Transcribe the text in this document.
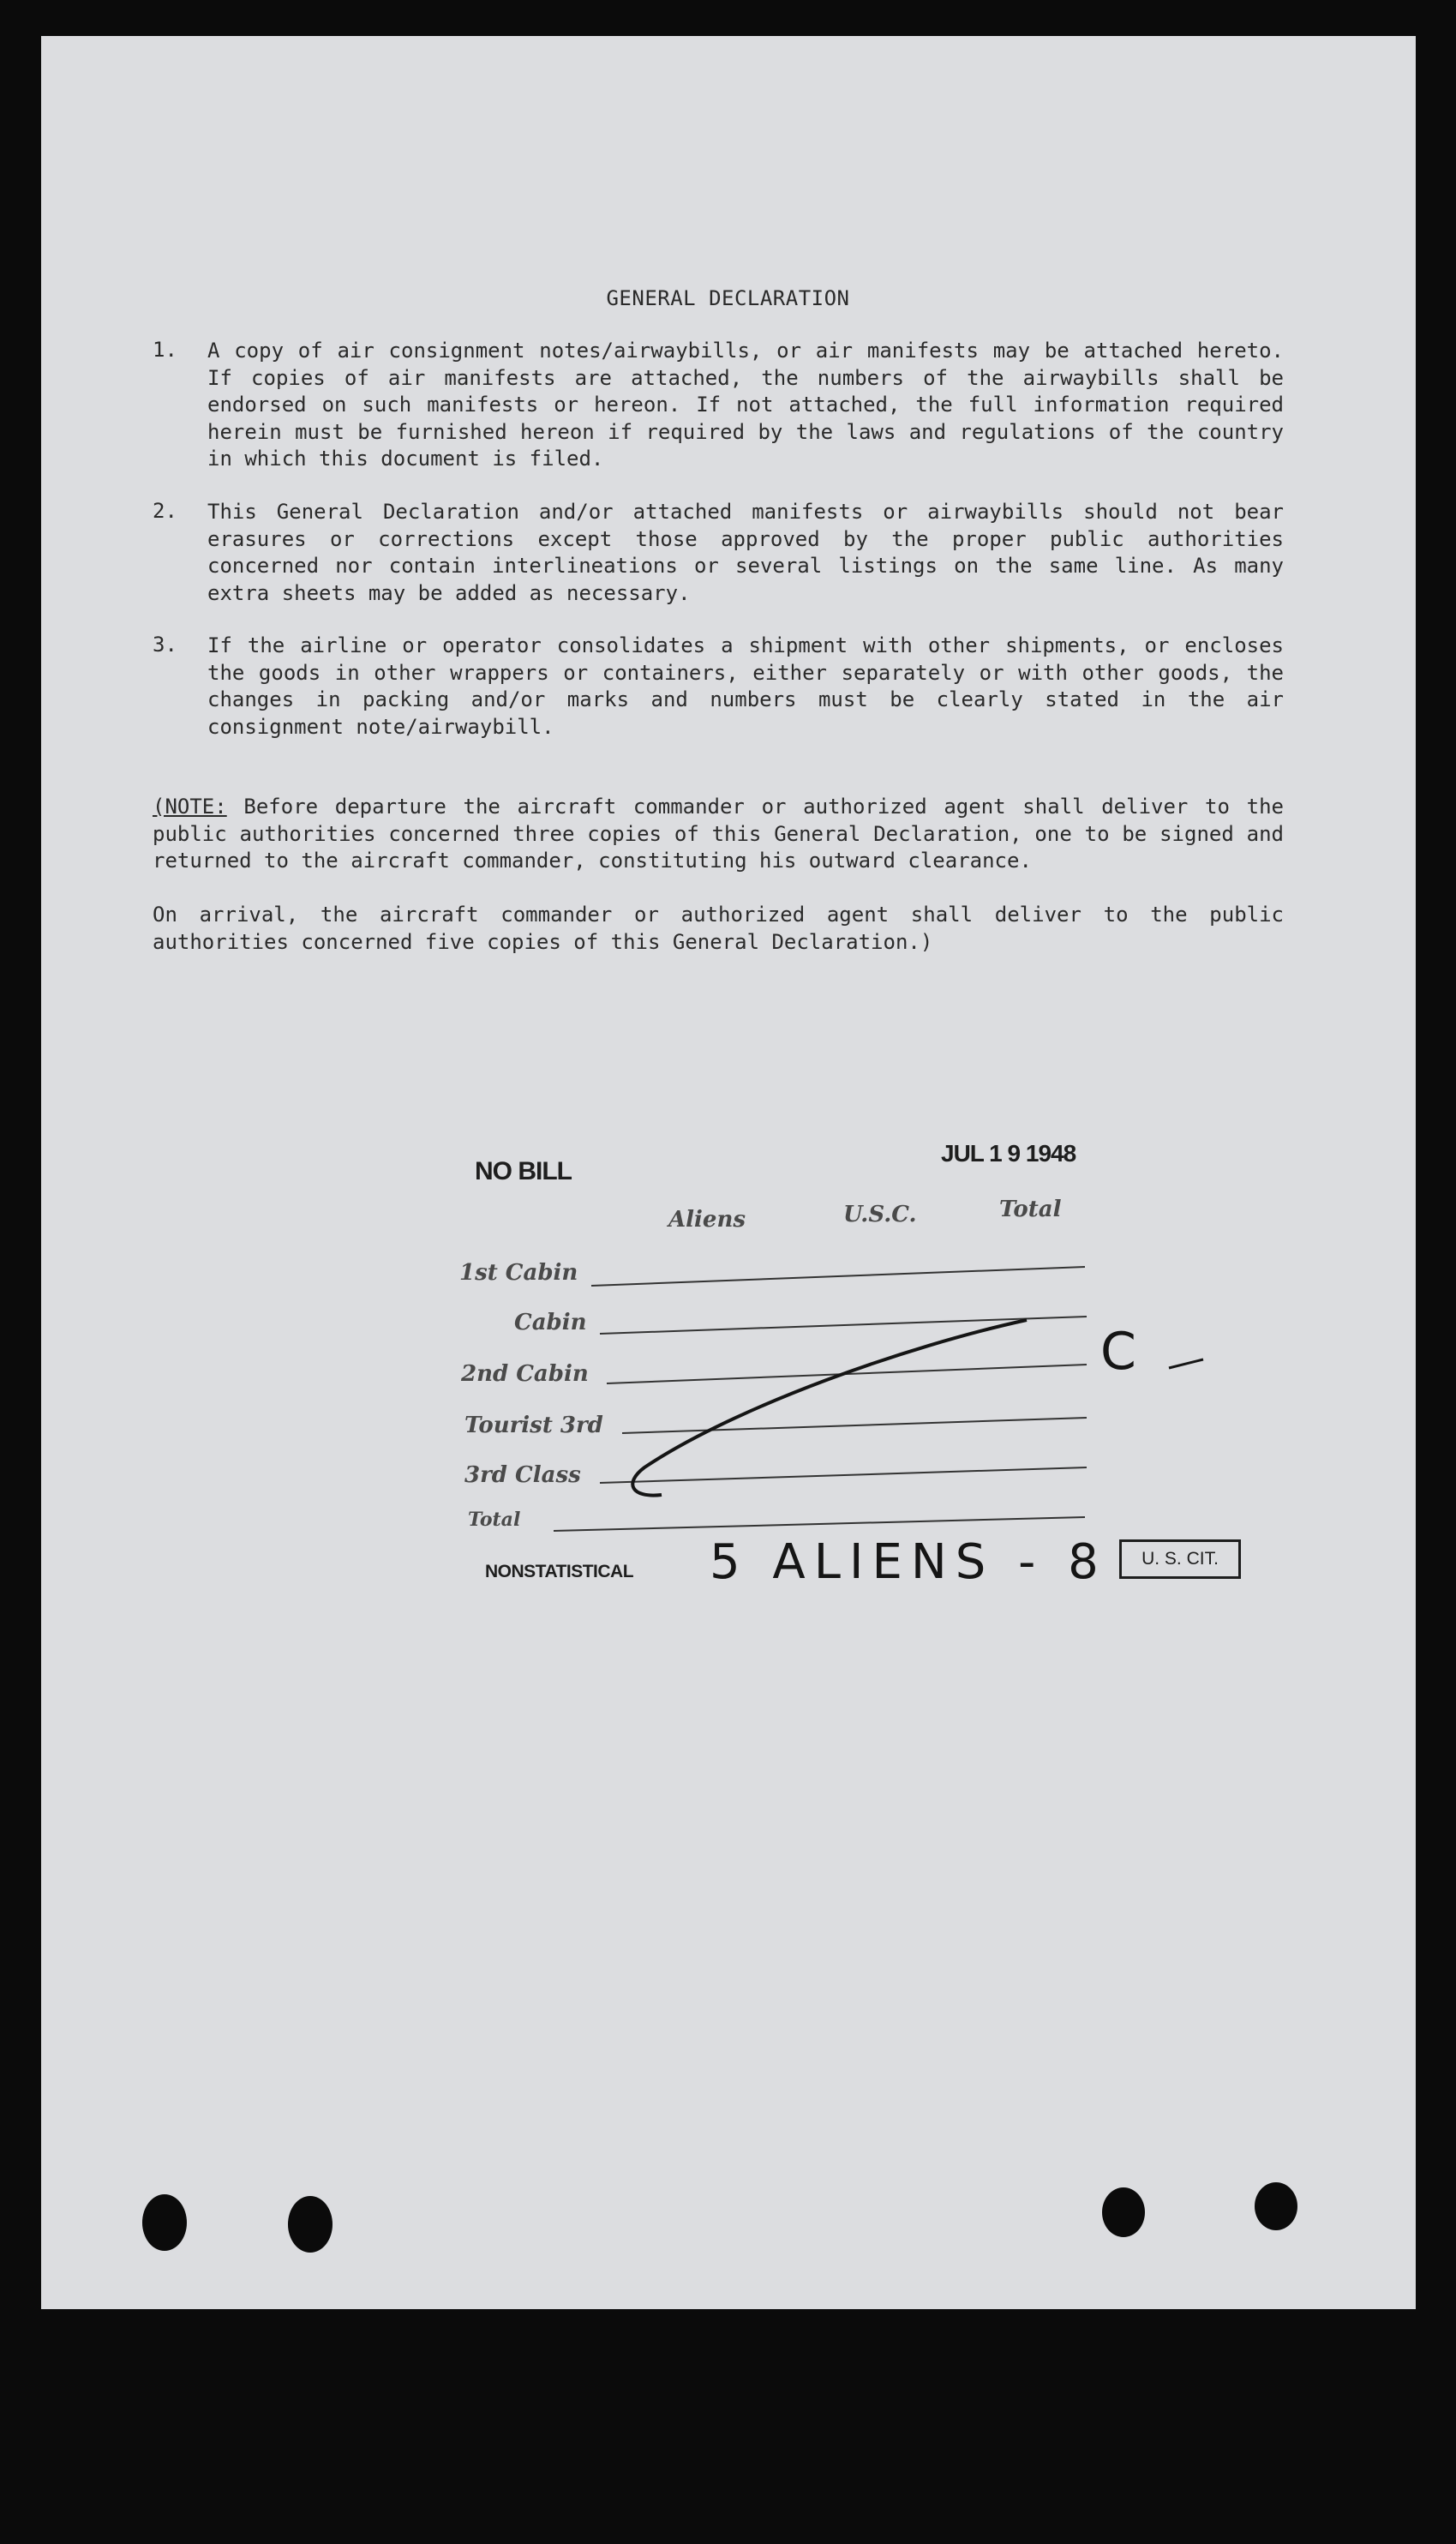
GENERAL DECLARATION
1. A copy of air consignment notes/airwaybills, or air manifests may be attached hereto. If copies of air manifests are attached, the numbers of the airwaybills shall be endorsed on such manifests or hereon. If not attached, the full information required herein must be furnished hereon if required by the laws and regulations of the country in which this document is filed.
2. This General Declaration and/or attached manifests or airwaybills should not bear erasures or corrections except those approved by the proper public authorities concerned nor contain interlineations or several listings on the same line. As many extra sheets may be added as necessary.
3. If the airline or operator consolidates a shipment with other shipments, or encloses the goods in other wrappers or containers, either separately or with other goods, the changes in packing and/or marks and numbers must be clearly stated in the air consignment note/airwaybill.
(NOTE: Before departure the aircraft commander or authorized agent shall deliver to the public authorities concerned three copies of this General Declaration, one to be signed and returned to the aircraft commander, constituting his outward clearance.
On arrival, the aircraft commander or authorized agent shall deliver to the public authorities concerned five copies of this General Declaration.)
NO BILL
JUL 1 9 1948
Aliens	U.S.C.	Total
1st Cabin
Cabin
2nd Cabin
Tourist 3rd
3rd Class
Total
NONSTATISTICAL 5 ALIENS - 8
C
U. S. CIT.
